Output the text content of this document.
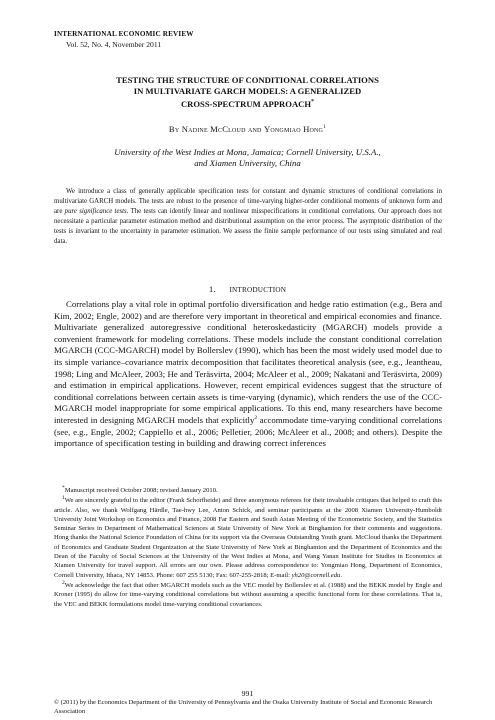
INTERNATIONAL ECONOMIC REVIEW
Vol. 52, No. 4, November 2011
TESTING THE STRUCTURE OF CONDITIONAL CORRELATIONS
IN MULTIVARIATE GARCH MODELS: A GENERALIZED
CROSS-SPECTRUM APPROACH*
By Nadine McCloud and Yongmiao Hong$^1$
University of the West Indies at Mona, Jamaica; Cornell University, U.S.A.,
and Xiamen University, China
We introduce a class of generally applicable specification tests for constant and dynamic structures of conditional correlations in multivariate GARCH models. The tests are robust to the presence of time-varying higher-order conditional moments of unknown form and are pure significance tests. The tests can identify linear and nonlinear misspecifications in conditional correlations. Our approach does not necessitate a particular parameter estimation method and distributional assumption on the error process. The asymptotic distribution of the tests is invariant to the uncertainty in parameter estimation. We assess the finite sample performance of our tests using simulated and real data.
1.   INTRODUCTION
Correlations play a vital role in optimal portfolio diversification and hedge ratio estimation (e.g., Bera and Kim, 2002; Engle, 2002) and are therefore very important in theoretical and empirical economies and finance. Multivariate generalized autoregressive conditional heteroskedasticity (MGARCH) models provide a convenient framework for modeling correlations. These models include the constant conditional correlation MGARCH (CCC-MGARCH) model by Bollerslev (1990), which has been the most widely used model due to its simple variance–covariance matrix decomposition that facilitates theoretical analysis (see, e.g., Jeantheau, 1998; Ling and McAleer, 2003; He and Teräsvirta, 2004; McAleer et al., 2009; Nakatani and Teräsvirta, 2009) and estimation in empirical applications. However, recent empirical evidences suggest that the structure of conditional correlations between certain assets is time-varying (dynamic), which renders the use of the CCC-MGARCH model inappropriate for some empirical applications. To this end, many researchers have become interested in designing MGARCH models that explicitly$^2$ accommodate time-varying conditional correlations (see, e.g., Engle, 2002; Cappiello et al., 2006; Pelletier, 2006; McAleer et al., 2008; and others). Despite the importance of specification testing in building and drawing correct inferences

*Manuscript received October 2008; revised January 2010.

$^1$We are sincerely grateful to the editor (Frank Schorfheide) and three anonymous referees for their invaluable critiques that helped to craft this article. Also, we thank Wolfgang Härdle, Tae-hwy Lee, Anton Schick, and seminar participants at the 2008 Xiamen University-Humboldt University Joint Workshop on Economics and Finance, 2008 Far Eastern and South Asian Meeting of the Econometric Society, and the Statistics Seminar Series in Department of Mathematical Sciences at State University of New York at Binghamton for their comments and suggestions. Hong thanks the National Science Foundation of China for its support via the Overseas Outstanding Youth grant. McCloud thanks the Department of Economics and Graduate Student Organization at the State University of New York at Binghamton and the Department of Economics and the Dean of the Faculty of Social Sciences at the University of the West Indies at Mona, and Wang Yanan Institute for Studies in Economics at Xiamen University for travel support. All errors are our own. Please address correspondence to: Yongmiao Hong, Department of Economics, Cornell University, Ithaca, NY 14853. Phone: 607 255 5130; Fax: 607-255-2818; E-mail: yh20@cornell.edu.

$^2$We acknowledge the fact that other MGARCH models such as the VEC model by Bollerslev et al. (1988) and the BEKK model by Engle and Kroner (1995) do allow for time-varying conditional correlations but without assuming a specific functional form for these correlations. That is, the VEC and BEKK formulations model time-varying conditional covariances.

991
© (2011) by the Economics Department of the University of Pennsylvania and the Osaka University Institute of Social and Economic Research Association
